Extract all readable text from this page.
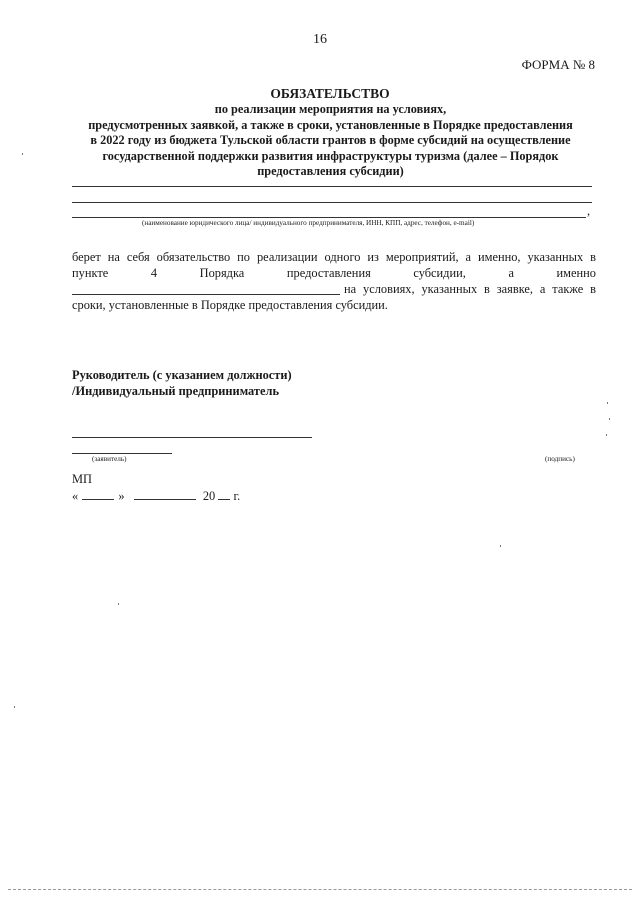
16
ФОРМА № 8
ОБЯЗАТЕЛЬСТВО
по реализации мероприятия на условиях,
предусмотренных заявкой, а также в сроки, установленные в Порядке предоставления
в 2022 году из бюджета Тульской области грантов в форме субсидий на осуществление
государственной поддержки развития инфраструктуры туризма (далее – Порядок
предоставления субсидии)
,
(наименование юридического лица/ индивидуального предпринимателя, ИНН, КПП, адрес, телефон, e-mail)
берет на себя обязательство по реализации одного из мероприятий, а именно, указанных в
пункте	4	Порядка	предоставления	субсидии,	а	именно
на условиях, указанных в заявке, а также в
сроки, установленные в Порядке предоставления субсидии.
Руководитель (с указанием должности)
/Индивидуальный предприниматель
(заявитель)	(подпись)
МП
«	»	20 г.
